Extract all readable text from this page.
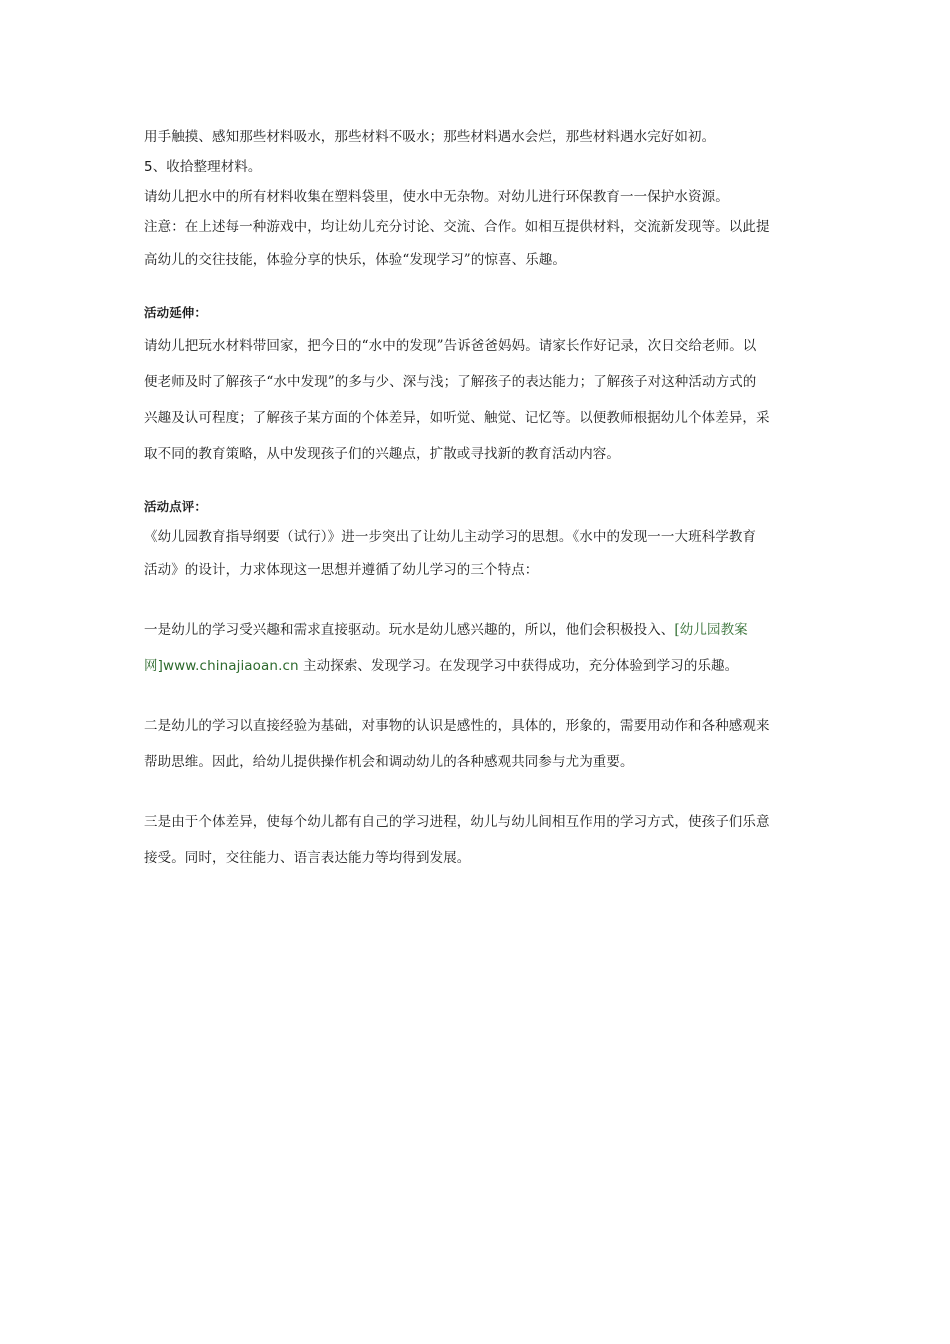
用手触摸、感知那些材料吸水，那些材料不吸水；那些材料遇水会烂，那些材料遇水完好如初。
5、收拾整理材料。
请幼儿把水中的所有材料收集在塑料袋里，使水中无杂物。对幼儿进行环保教育一一保护水资源。
注意：在上述每一种游戏中，均让幼儿充分讨论、交流、合作。如相互提供材料，交流新发现等。以此提
高幼儿的交往技能，体验分享的快乐，体验“发现学习”的惊喜、乐趣。
活动延伸：
请幼儿把玩水材料带回家，把今日的“水中的发现”告诉爸爸妈妈。请家长作好记录，次日交给老师。以
便老师及时了解孩子“水中发现”的多与少、深与浅；了解孩子的表达能力；了解孩子对这种活动方式的
兴趣及认可程度；了解孩子某方面的个体差异，如听觉、触觉、记忆等。以便教师根据幼儿个体差异，采
取不同的教育策略，从中发现孩子们的兴趣点，扩散或寻找新的教育活动内容。
活动点评：
《幼儿园教育指导纲要（试行）》进一步突出了让幼儿主动学习的思想。《水中的发现一一大班科学教育
活动》的设计，力求体现这一思想并遵循了幼儿学习的三个特点：
一是幼儿的学习受兴趣和需求直接驱动。玩水是幼儿感兴趣的，所以，他们会积极投入、[幼儿园教案
网]www.chinajiaoan.cn 主动探索、发现学习。在发现学习中获得成功，充分体验到学习的乐趣。
二是幼儿的学习以直接经验为基础，对事物的认识是感性的，具体的，形象的，需要用动作和各种感观来
帮助思维。因此，给幼儿提供操作机会和调动幼儿的各种感观共同参与尤为重要。
三是由于个体差异，使每个幼儿都有自己的学习进程，幼儿与幼儿间相互作用的学习方式，使孩子们乐意
接受。同时，交往能力、语言表达能力等均得到发展。
